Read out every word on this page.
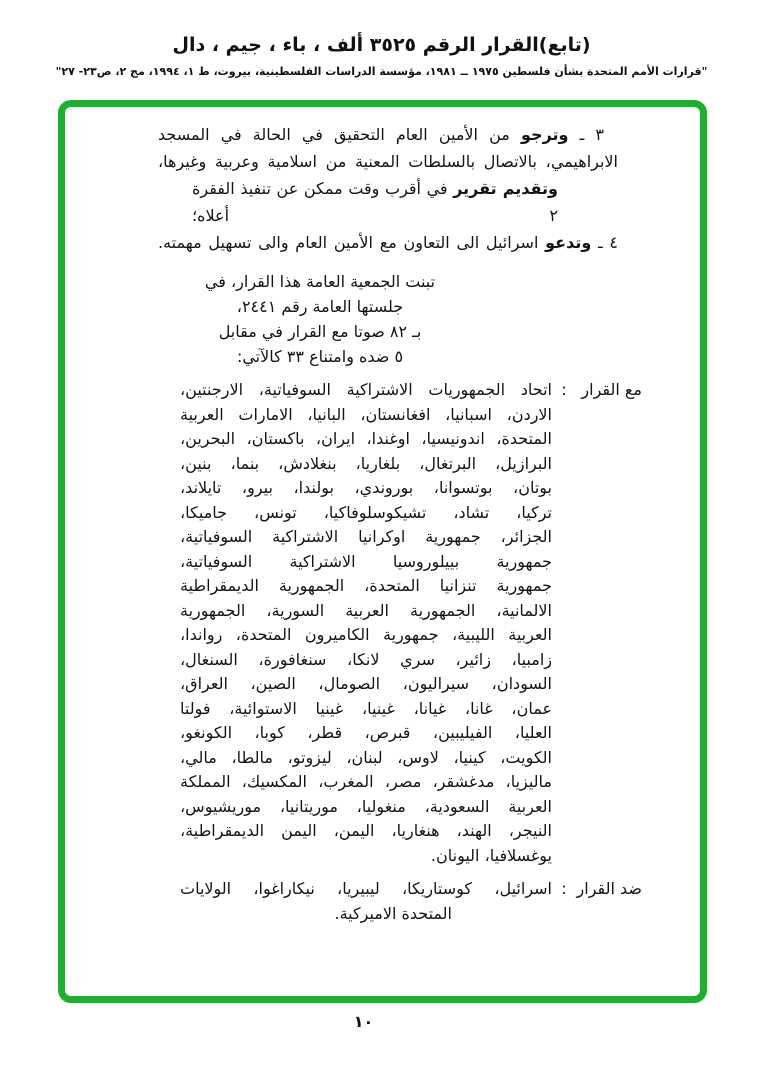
(تابع)القرار الرقم ٣٥٢٥ ألف ، باء ، جيم ، دال
"قرارات الأمم المتحدة بشأن فلسطين ١٩٧٥ ــ ١٩٨١، مؤسسة الدراسات الفلسطينية، بيروت، ط ١، ١٩٩٤، مج ٢، ص٢٣- ٢٧"
٣ ـ وترجو من الأمين العام التحقيق في الحالة في المسجد
الابراهيمي، بالاتصال بالسلطات المعنية من اسلامية وعربية وغيرها،
وتقديم تقرير في أقرب وقت ممكن عن تنفيذ الفقرة ٢ أعلاه؛
٤ ـ وتدعو اسرائيل الى التعاون مع الأمين العام والى تسهيل مهمته.
تبنت الجمعية العامة هذا القرار، في
جلستها العامة رقم ٢٤٤١،
بـ ٨٢ صوتا مع القرار في مقابل
٥ ضده وامتناع ٣٣ كالآتي:
مع القرار
:
اتحاد الجمهوريات الاشتراكية السوفياتية، الارجنتين،
الاردن، اسبانيا، افغانستان، البانيا، الامارات العربية
المتحدة، اندونيسيا، اوغندا، ايران، باكستان، البحرين،
البرازيل، البرتغال، بلغاريا، بنغلادش، بنما، بنين،
بوتان، بوتسوانا، بوروندي، بولندا، بيرو، تايلاند،
تركيا، تشاد، تشيكوسلوفاكيا، تونس، جاميكا،
الجزائر، جمهورية اوكرانيا الاشتراكية السوفياتية،
جمهورية بييلوروسيا الاشتراكية السوفياتية،
جمهورية تنزانيا المتحدة، الجمهورية الديمقراطية
الالمانية، الجمهورية العربية السورية، الجمهورية
العربية الليبية، جمهورية الكاميرون المتحدة، رواندا،
زامبيا، زائير، سري لانكا، سنغافورة، السنغال،
السودان، سيراليون، الصومال، الصين، العراق،
عمان، غانا، غيانا، غينيا، غينيا الاستوائية، فولتا
العليا، الفيليبين، قبرص، قطر، كوبا، الكونغو،
الكويت، كينيا، لاوس، لبنان، ليزوتو، مالطا، مالي،
ماليزيا، مدغشقر، مصر، المغرب، المكسيك، المملكة
العربية السعودية، منغوليا، موريتانيا، موريشيوس،
النيجر، الهند، هنغاريا، اليمن، اليمن الديمقراطية،
يوغسلافيا، اليونان.
ضد القرار
:
اسرائيل، كوستاريكا، ليبيريا، نيكاراغوا، الولايات
المتحدة الاميركية.
١٠
